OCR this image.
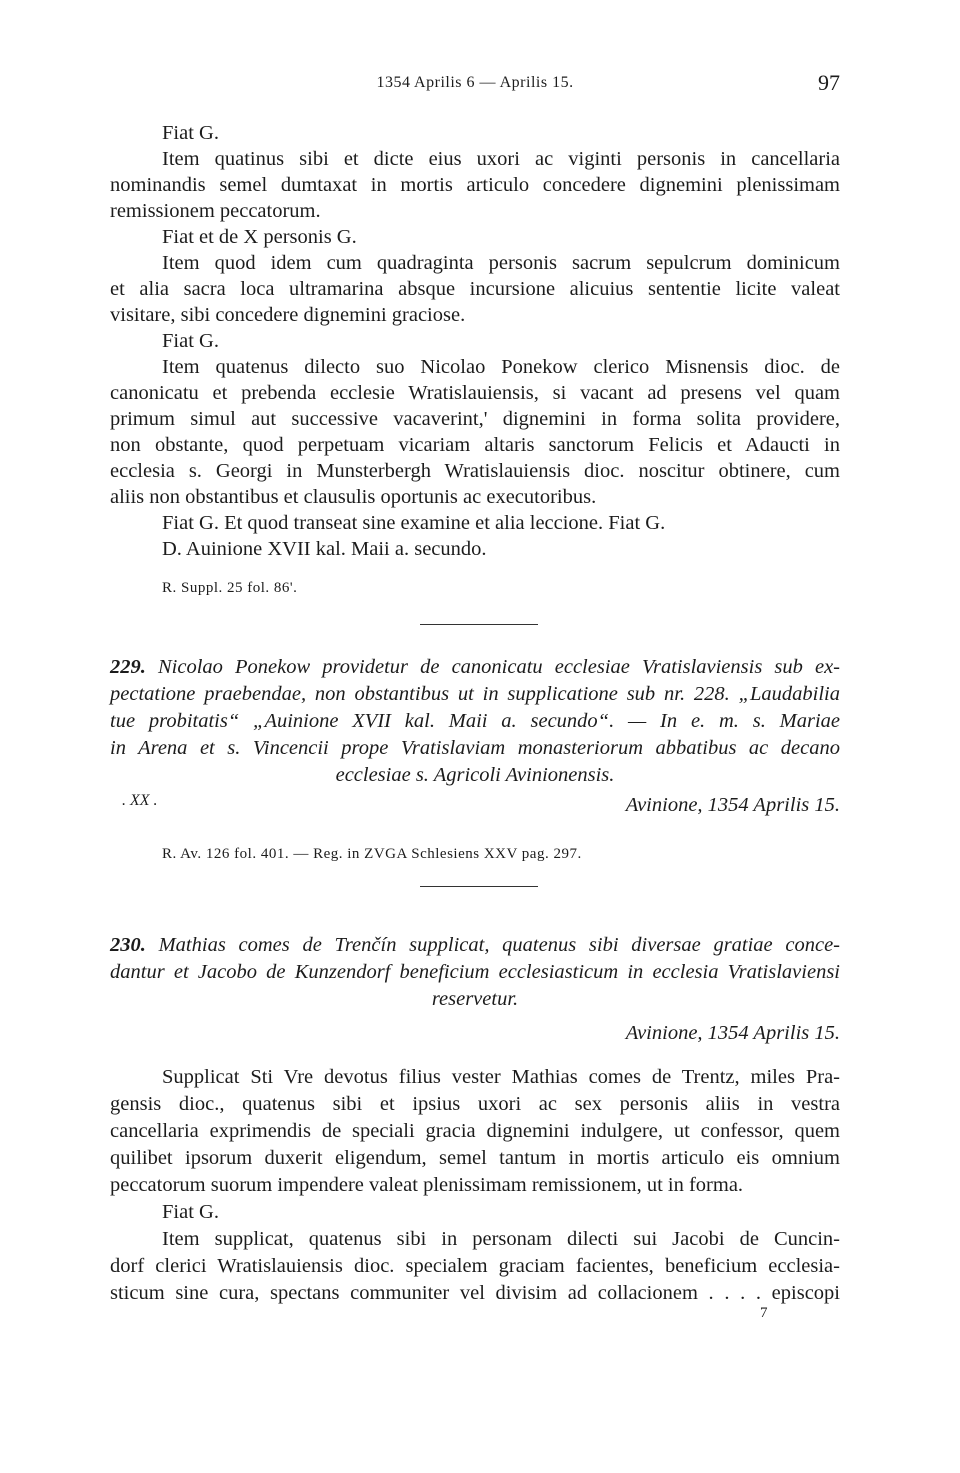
1354 Aprilis 6 — Aprilis 15.	97
Fiat G.
Item quatinus sibi et dicte eius uxori ac viginti personis in cancellaria
nominandis semel dumtaxat in mortis articulo concedere dignemini plenissimam
remissionem peccatorum.
Fiat et de X personis G.
Item quod idem cum quadraginta personis sacrum sepulcrum dominicum
et alia sacra loca ultramarina absque incursione alicuius sententie licite valeat
visitare, sibi concedere dignemini graciose.
Fiat G.
Item quatenus dilecto suo Nicolao Ponekow clerico Misnensis dioc. de
canonicatu et prebenda ecclesie Wratislauiensis, si vacant ad presens vel quam
primum simul aut successive vacaverint,' dignemini in forma solita providere,
non obstante, quod perpetuam vicariam altaris sanctorum Felicis et Adaucti in
ecclesia s. Georgi in Munsterbergh Wratislauiensis dioc. noscitur obtinere, cum
aliis non obstantibus et clausulis oportunis ac executoribus.
Fiat G. Et quod transeat sine examine et alia leccione. Fiat G.
D. Auinione XVII kal. Maii a. secundo.
R. Suppl. 25 fol. 86'.
229. Nicolao Ponekow providetur de canonicatu ecclesiae Vratislaviensis sub ex-
pectatione praebendae, non obstantibus ut in supplicatione sub nr. 228. „Laudabilia
tue probitatis“ „Auinione XVII kal. Maii a. secundo“. — In e. m. s. Mariae
in Arena et s. Vincencii prope Vratislaviam monasteriorum abbatibus ac decano
ecclesiae s. Agricoli Avinionensis.
Avinione, 1354 Aprilis 15.
. XX .
R. Av. 126 fol. 401. — Reg. in ZVGA Schlesiens XXV pag. 297.
230. Mathias comes de Trenčín supplicat, quatenus sibi diversae gratiae conce-
dantur et Jacobo de Kunzendorf beneficium ecclesiasticum in ecclesia Vratislaviensi
reservetur.
Avinione, 1354 Aprilis 15.
Supplicat Sti Vre devotus filius vester Mathias comes de Trentz, miles Pra-
gensis dioc., quatenus sibi et ipsius uxori ac sex personis aliis in vestra
cancellaria exprimendis de speciali gracia dignemini indulgere, ut confessor, quem
quilibet ipsorum duxerit eligendum, semel tantum in mortis articulo eis omnium
peccatorum suorum impendere valeat plenissimam remissionem, ut in forma.
Fiat G.
Item supplicat, quatenus sibi in personam dilecti sui Jacobi de Cuncin-
dorf clerici Wratislauiensis dioc. specialem graciam facientes, beneficium ecclesia-
sticum sine cura, spectans communiter vel divisim ad collacionem . . . . episcopi
7
